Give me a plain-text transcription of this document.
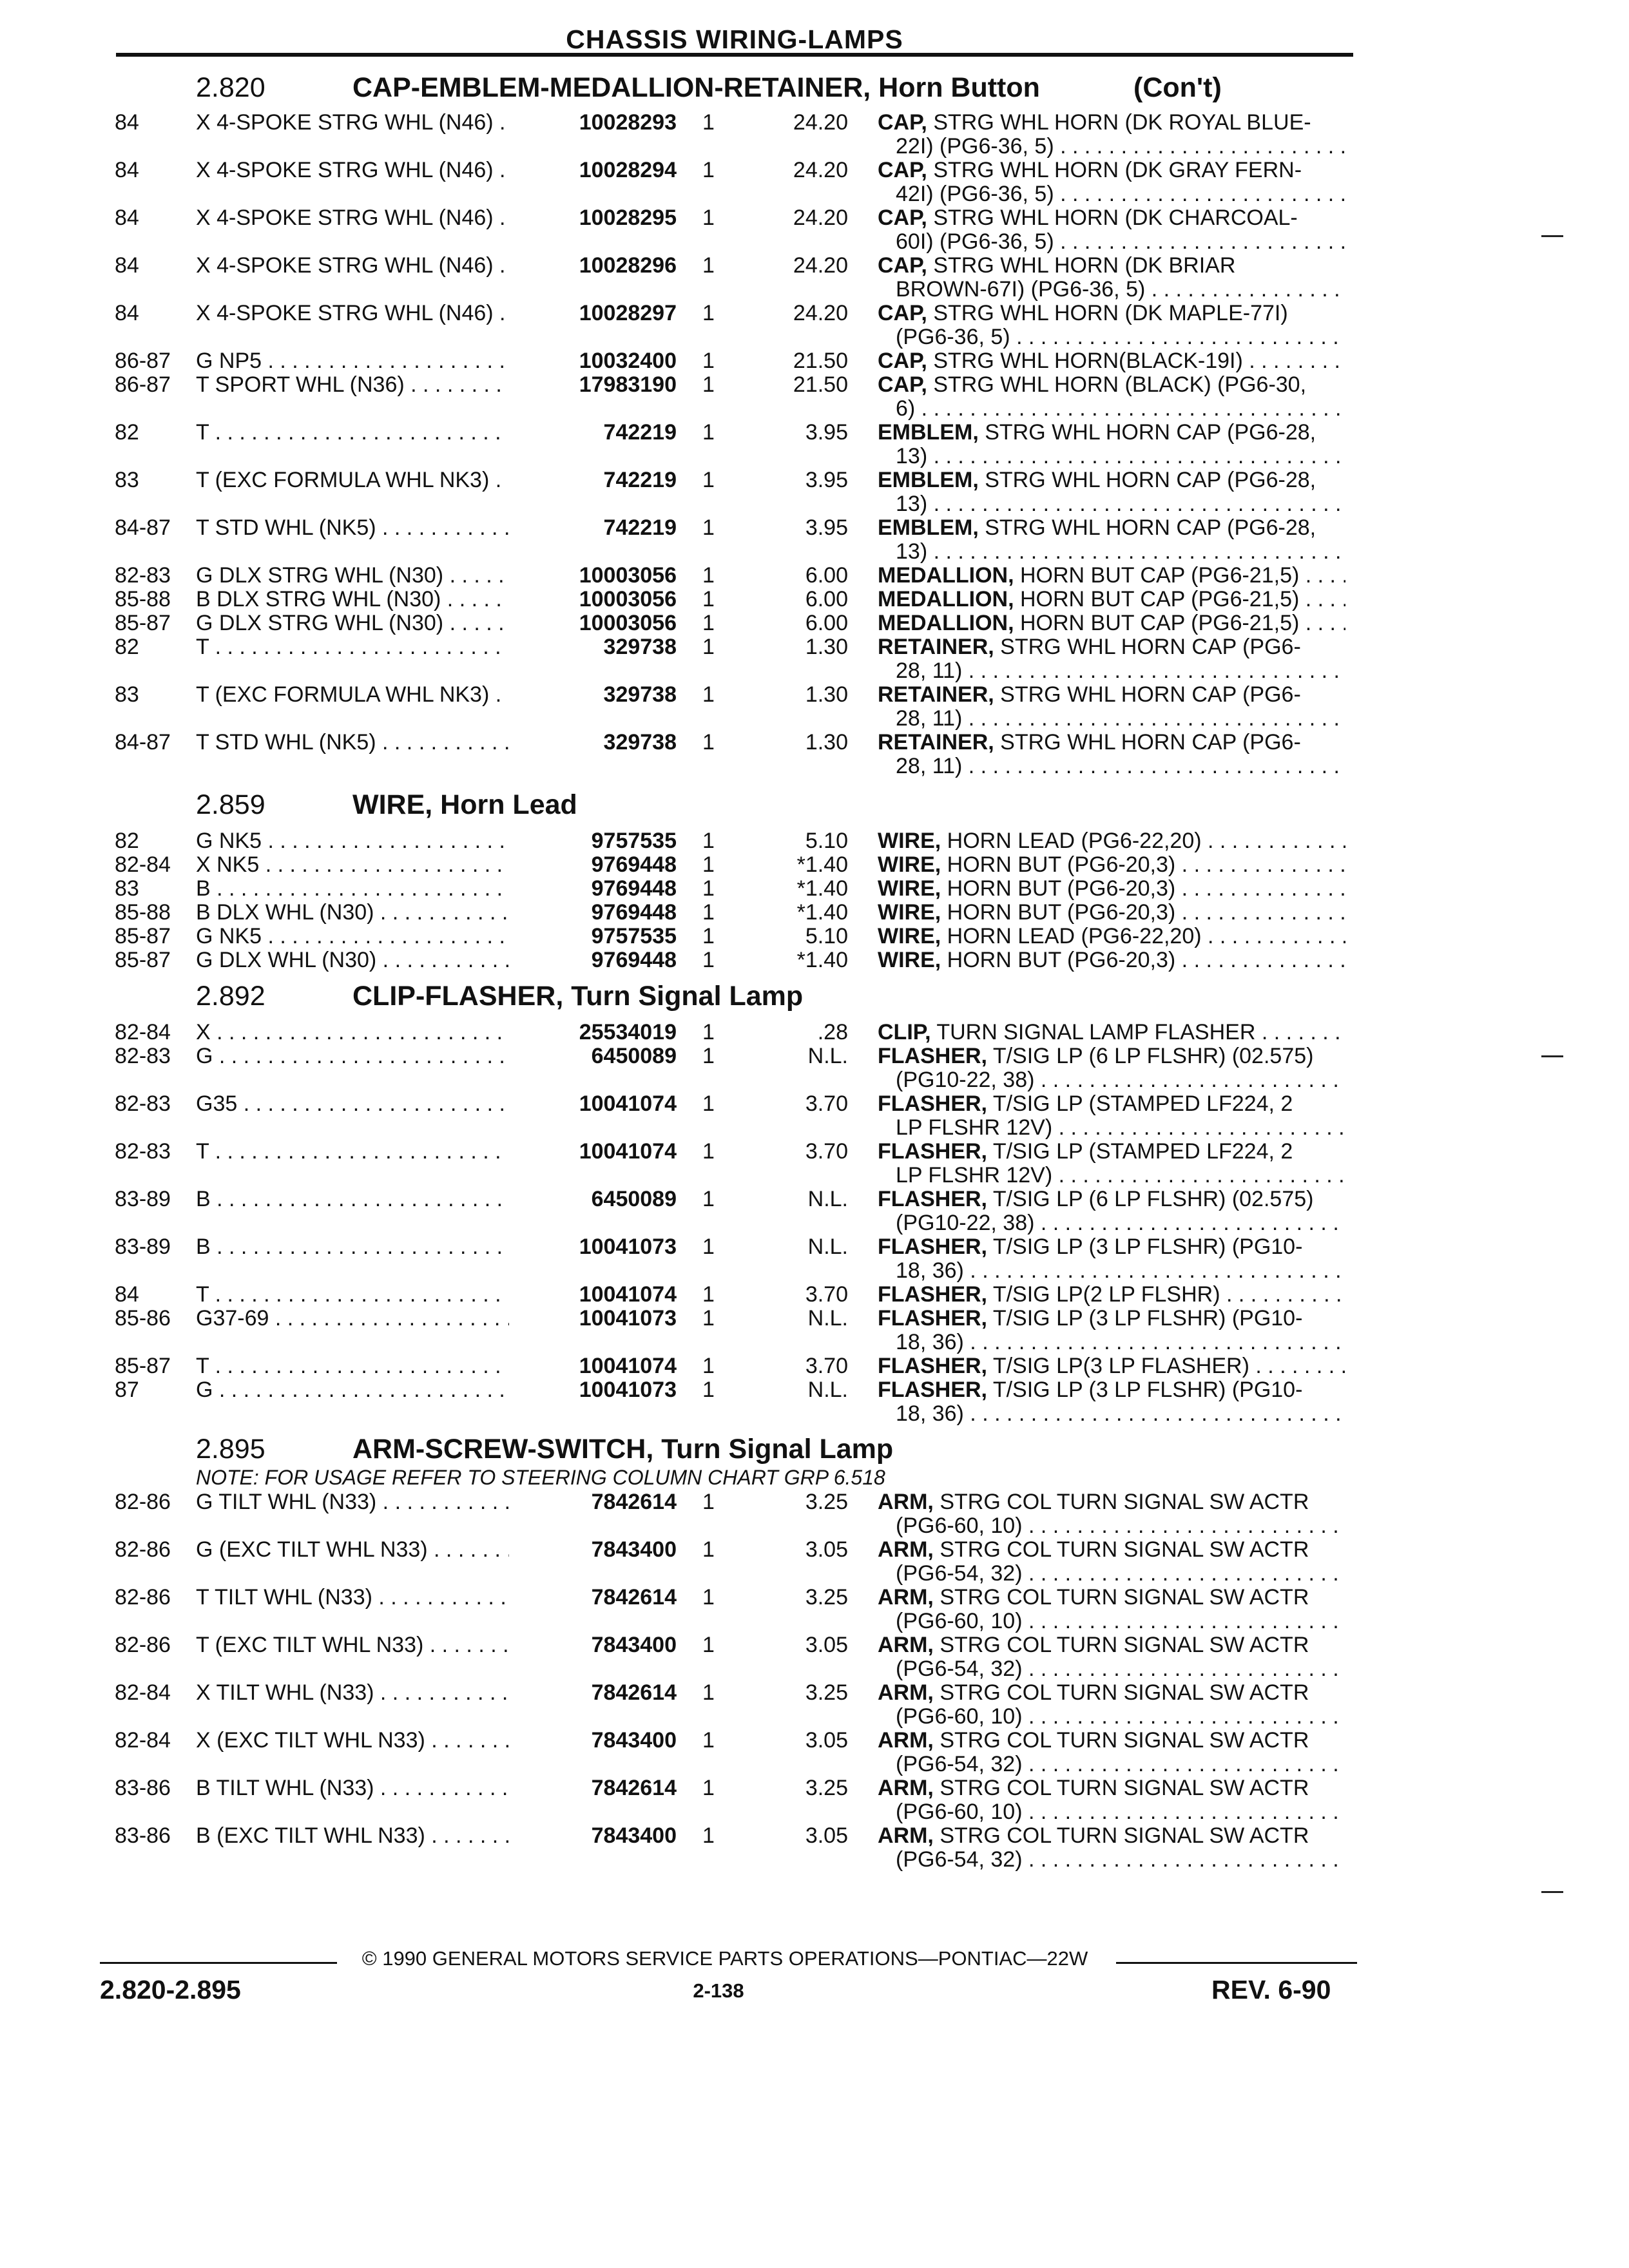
CHASSIS WIRING-LAMPS
2.820	CAP-EMBLEM-MEDALLION-RETAINER, Horn Button	(Con't)
84	X 4-SPOKE STRG WHL (N46) . . .	10028293 1	24.20 CAP, STRG WHL HORN (DK ROYAL BLUE-
22I) (PG6-36, 5) . . .
84	X 4-SPOKE STRG WHL (N46) . . .	10028294 1	24.20 CAP, STRG WHL HORN (DK GRAY FERN-
42I) (PG6-36, 5) . . .
84	X 4-SPOKE STRG WHL (N46) . . .	10028295 1	24.20 CAP, STRG WHL HORN (DK CHARCOAL-
60I) (PG6-36, 5) . . .
84	X 4-SPOKE STRG WHL (N46) . . .	10028296 1	24.20 CAP, STRG WHL HORN (DK BRIAR
BROWN-67I) (PG6-36, 5) . . .
84	X 4-SPOKE STRG WHL (N46) . . .	10028297 1	24.20 CAP, STRG WHL HORN (DK MAPLE-77I)
(PG6-36, 5) . . .
86-87 G NP5 . . .	10032400 1	21.50 CAP, STRG WHL HORN(BLACK-19I) . . .
86-87 T SPORT WHL (N36) . . .	17983190 1	21.50 CAP, STRG WHL HORN (BLACK) (PG6-30,
6) . . .
82	T . . .	742219 1	3.95 EMBLEM, STRG WHL HORN CAP (PG6-28,
13) . . .
83	T (EXC FORMULA WHL NK3) . . .	742219 1	3.95 EMBLEM, STRG WHL HORN CAP (PG6-28,
13) . . .
84-87 T STD WHL (NK5) . . .	742219 1	3.95 EMBLEM, STRG WHL HORN CAP (PG6-28,
13) . . .
82-83 G DLX STRG WHL (N30) . . .	10003056 1	6.00 MEDALLION, HORN BUT CAP (PG6-21,5) . . .
85-88 B DLX STRG WHL (N30) . . .	10003056 1	6.00 MEDALLION, HORN BUT CAP (PG6-21,5) . . .
85-87 G DLX STRG WHL (N30) . . .	10003056 1	6.00 MEDALLION, HORN BUT CAP (PG6-21,5) . . .
82	T . . .	329738 1	1.30 RETAINER, STRG WHL HORN CAP (PG6-
28, 11) . . .
83	T (EXC FORMULA WHL NK3) . . .	329738 1	1.30 RETAINER, STRG WHL HORN CAP (PG6-
28, 11) . . .
84-87 T STD WHL (NK5) . . .	329738 1	1.30 RETAINER, STRG WHL HORN CAP (PG6-
28, 11) . . .
2.859	WIRE, Horn Lead
82	G NK5 . . .	9757535 1	5.10 WIRE, HORN LEAD (PG6-22,20) . . .
82-84 X NK5 . . .	9769448 1	*1.40 WIRE, HORN BUT (PG6-20,3) . . .
83	B . . .	9769448 1	*1.40 WIRE, HORN BUT (PG6-20,3) . . .
85-88 B DLX WHL (N30) . . .	9769448 1	*1.40 WIRE, HORN BUT (PG6-20,3) . . .
85-87 G NK5 . . .	9757535 1	5.10 WIRE, HORN LEAD (PG6-22,20) . . .
85-87 G DLX WHL (N30) . . .	9769448 1	*1.40 WIRE, HORN BUT (PG6-20,3) . . .
2.892	CLIP-FLASHER, Turn Signal Lamp
82-84 X . . .	25534019 1	.28 CLIP, TURN SIGNAL LAMP FLASHER . . .
82-83 G . . .	6450089 1	N.L. FLASHER, T/SIG LP (6 LP FLSHR) (02.575)
(PG10-22, 38) . . .
82-83 G35 . . .	10041074 1	3.70 FLASHER, T/SIG LP (STAMPED LF224, 2
LP FLSHR 12V) . . .
82-83 T . . .	10041074 1	3.70 FLASHER, T/SIG LP (STAMPED LF224, 2
LP FLSHR 12V) . . .
83-89 B . . .	6450089 1	N.L. FLASHER, T/SIG LP (6 LP FLSHR) (02.575)
(PG10-22, 38) . . .
83-89 B . . .	10041073 1	N.L. FLASHER, T/SIG LP (3 LP FLSHR) (PG10-
18, 36) . . .
84	T . . .	10041074 1	3.70 FLASHER, T/SIG LP(2 LP FLSHR) . . .
85-86 G37-69 . . .	10041073 1	N.L. FLASHER, T/SIG LP (3 LP FLSHR) (PG10-
18, 36) . . .
85-87 T . . .	10041074 1	3.70 FLASHER, T/SIG LP(3 LP FLASHER) . . .
87	G . . .	10041073 1	N.L. FLASHER, T/SIG LP (3 LP FLSHR) (PG10-
18, 36) . . .
2.895	ARM-SCREW-SWITCH, Turn Signal Lamp
NOTE: FOR USAGE REFER TO STEERING COLUMN CHART GRP 6.518
82-86 G TILT WHL (N33) . . .	7842614 1	3.25 ARM, STRG COL TURN SIGNAL SW ACTR
(PG6-60, 10) . . .
82-86 G (EXC TILT WHL N33) . . .	7843400 1	3.05 ARM, STRG COL TURN SIGNAL SW ACTR
(PG6-54, 32) . . .
82-86 T TILT WHL (N33) . . .	7842614 1	3.25 ARM, STRG COL TURN SIGNAL SW ACTR
(PG6-60, 10) . . .
82-86 T (EXC TILT WHL N33) . . .	7843400 1	3.05 ARM, STRG COL TURN SIGNAL SW ACTR
(PG6-54, 32) . . .
82-84 X TILT WHL (N33) . . .	7842614 1	3.25 ARM, STRG COL TURN SIGNAL SW ACTR
(PG6-60, 10) . . .
82-84 X (EXC TILT WHL N33) . . .	7843400 1	3.05 ARM, STRG COL TURN SIGNAL SW ACTR
(PG6-54, 32) . . .
83-86 B TILT WHL (N33) . . .	7842614 1	3.25 ARM, STRG COL TURN SIGNAL SW ACTR
(PG6-60, 10) . . .
83-86 B (EXC TILT WHL N33) . . .	7843400 1	3.05 ARM, STRG COL TURN SIGNAL SW ACTR
(PG6-54, 32) . . .
© 1990 GENERAL MOTORS SERVICE PARTS OPERATIONS—PONTIAC—22W
2.820-2.895	2-138	REV. 6-90
